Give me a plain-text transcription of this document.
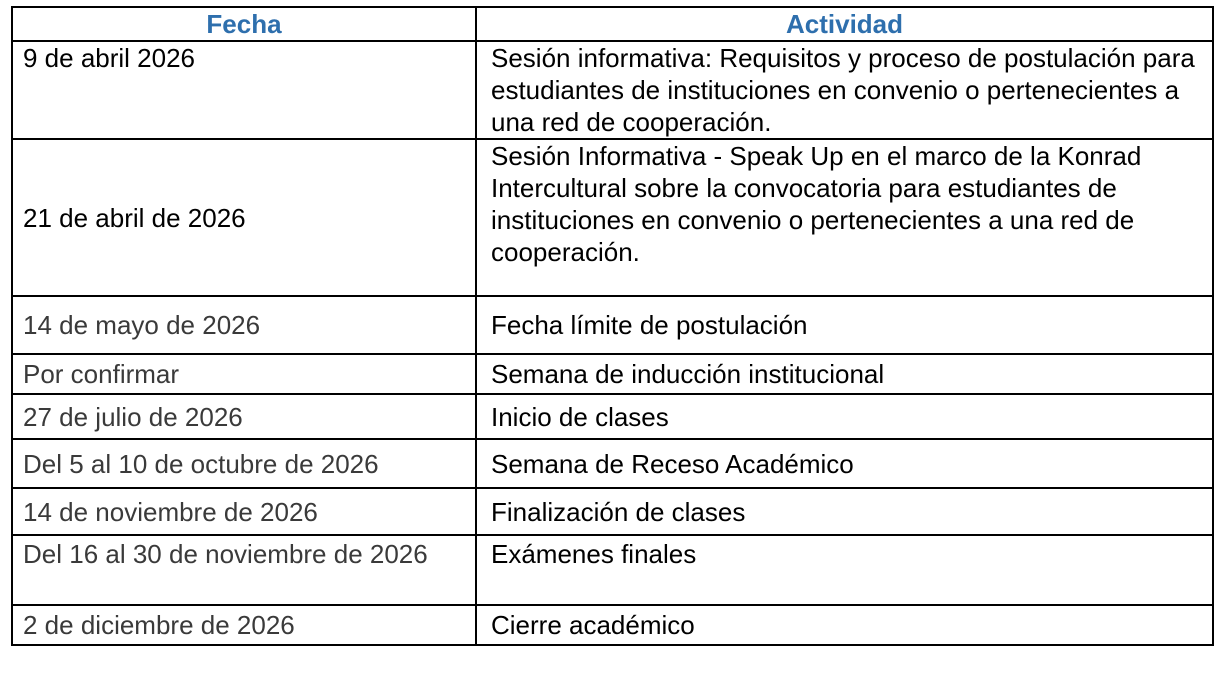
Fecha	Actividad
9 de abril 2026	Sesión informativa: Requisitos y proceso de postulación para estudiantes de instituciones en convenio o pertenecientes a una red de cooperación.
21 de abril de 2026	Sesión Informativa - Speak Up en el marco de la Konrad Intercultural sobre la convocatoria para estudiantes de instituciones en convenio o pertenecientes a una red de cooperación.
14 de mayo de 2026	Fecha límite de postulación
Por confirmar	Semana de inducción institucional
27 de julio de 2026	Inicio de clases
Del 5 al 10 de octubre de 2026	Semana de Receso Académico
14 de noviembre de 2026	Finalización de clases
Del 16 al 30 de noviembre de 2026	Exámenes finales
2 de diciembre de 2026	Cierre académico
